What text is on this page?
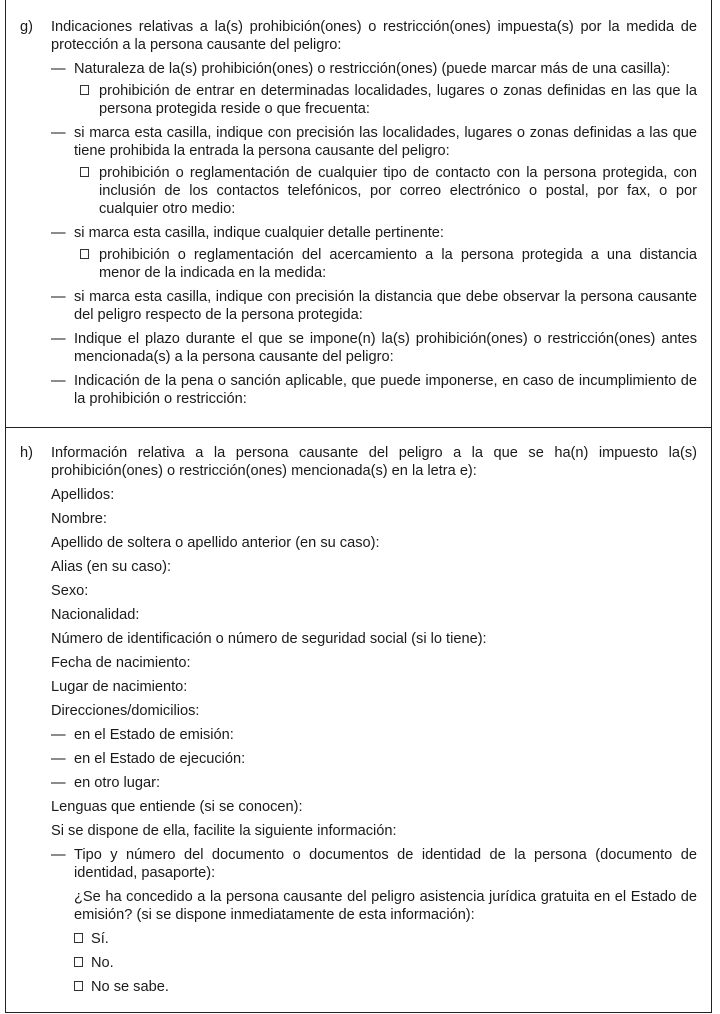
g)	Indicaciones relativas a la(s) prohibición(ones) o restricción(ones) impuesta(s) por la medida de protección a la persona causante del peligro:
— Naturaleza de la(s) prohibición(ones) o restricción(ones) (puede marcar más de una casilla):
prohibición de entrar en determinadas localidades, lugares o zonas definidas en las que la persona protegida reside o que frecuenta:
— si marca esta casilla, indique con precisión las localidades, lugares o zonas definidas a las que tiene prohibida la entrada la persona causante del peligro:
prohibición o reglamentación de cualquier tipo de contacto con la persona protegida, con inclusión de los contactos telefónicos, por correo electrónico o postal, por fax, o por cualquier otro medio:
— si marca esta casilla, indique cualquier detalle pertinente:
prohibición o reglamentación del acercamiento a la persona protegida a una distancia menor de la indicada en la medida:
— si marca esta casilla, indique con precisión la distancia que debe observar la persona causante del peligro respecto de la persona protegida:
— Indique el plazo durante el que se impone(n) la(s) prohibición(ones) o restricción(ones) antes mencionada(s) a la persona causante del peligro:
— Indicación de la pena o sanción aplicable, que puede imponerse, en caso de incumplimiento de la prohibición o restricción:
h)	Información relativa a la persona causante del peligro a la que se ha(n) impuesto la(s) prohibición(ones) o restricción(ones) mencionada(s) en la letra e):
Apellidos:
Nombre:
Apellido de soltera o apellido anterior (en su caso):
Alias (en su caso):
Sexo:
Nacionalidad:
Número de identificación o número de seguridad social (si lo tiene):
Fecha de nacimiento:
Lugar de nacimiento:
Direcciones/domicilios:
— en el Estado de emisión:
— en el Estado de ejecución:
— en otro lugar:
Lenguas que entiende (si se conocen):
Si se dispone de ella, facilite la siguiente información:
— Tipo y número del documento o documentos de identidad de la persona (documento de identidad, pasaporte):
¿Se ha concedido a la persona causante del peligro asistencia jurídica gratuita en el Estado de emisión? (si se dispone inmediatamente de esta información):
Sí.
No.
No se sabe.
